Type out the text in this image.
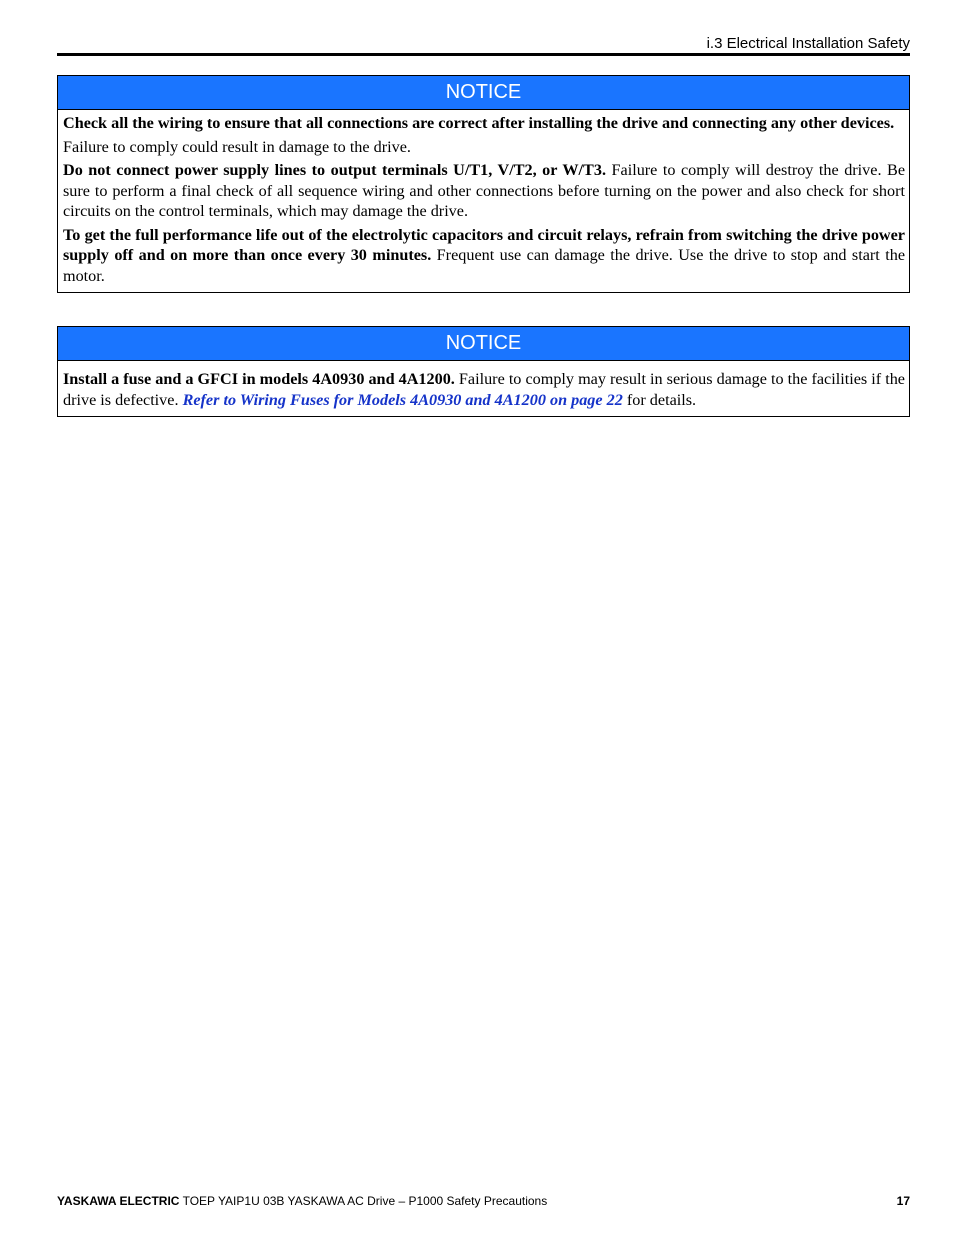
i.3 Electrical Installation Safety
NOTICE

Check all the wiring to ensure that all connections are correct after installing the drive and connecting any other devices.

Failure to comply could result in damage to the drive.

Do not connect power supply lines to output terminals U/T1, V/T2, or W/T3. Failure to comply will destroy the drive. Be sure to perform a final check of all sequence wiring and other connections before turning on the power and also check for short circuits on the control terminals, which may damage the drive.

To get the full performance life out of the electrolytic capacitors and circuit relays, refrain from switching the drive power supply off and on more than once every 30 minutes. Frequent use can damage the drive. Use the drive to stop and start the motor.

NOTICE

Install a fuse and a GFCI in models 4A0930 and 4A1200. Failure to comply may result in serious damage to the facilities if the drive is defective. Refer to Wiring Fuses for Models 4A0930 and 4A1200 on page 22 for details.

YASKAWA ELECTRIC TOEP YAIP1U 03B YASKAWA AC Drive – P1000 Safety Precautions	17
